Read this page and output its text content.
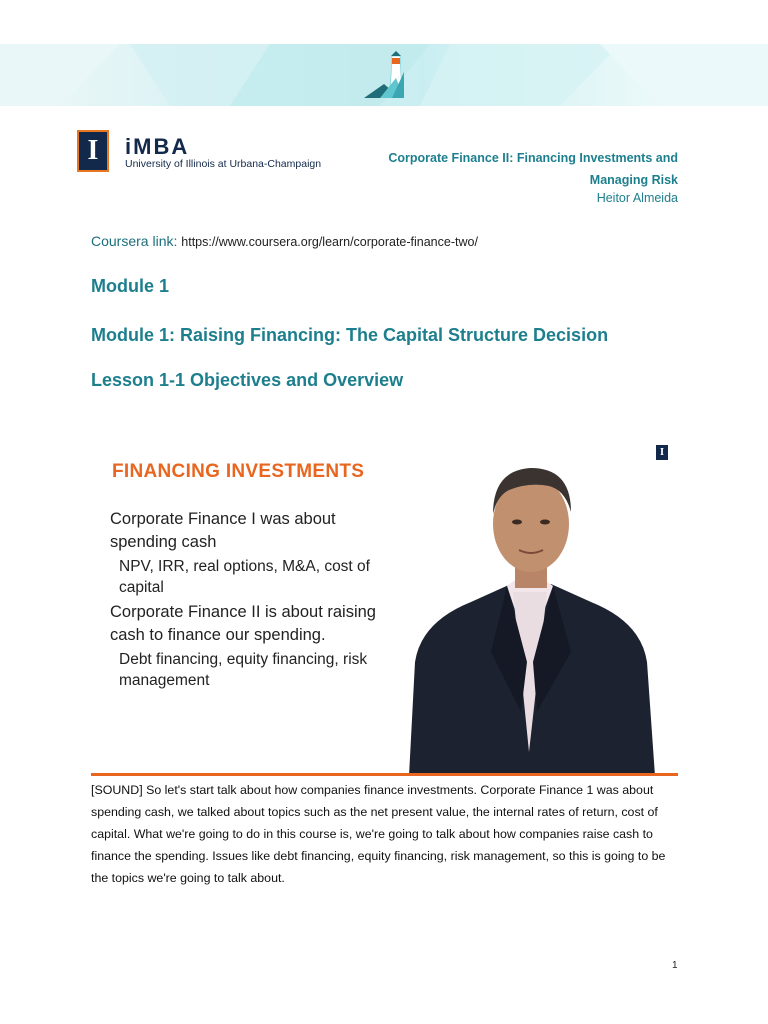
I	iMBA
University of Illinois at Urbana-Champaign	Corporate Finance II: Financing Investments and Managing Risk
Heitor Almeida
Coursera link: https://www.coursera.org/learn/corporate-finance-two/
Module 1
Module 1: Raising Financing: The Capital Structure Decision
Lesson 1-1 Objectives and Overview
FINANCING INVESTMENTS
I
Corporate Finance I was about
spending cash
NPV, IRR, real options, M&A, cost of
capital
Corporate Finance II is about raising
cash to finance our spending.
Debt financing, equity financing, risk
management
[SOUND] So let's start talk about how companies finance investments. Corporate Finance 1 was about spending cash, we talked about topics such as the net present value, the internal rates of return, cost of capital. What we're going to do in this course is, we're going to talk about how companies raise cash to finance the spending. Issues like debt financing, equity financing, risk management, so this is going to be the topics we're going to talk about.
1
